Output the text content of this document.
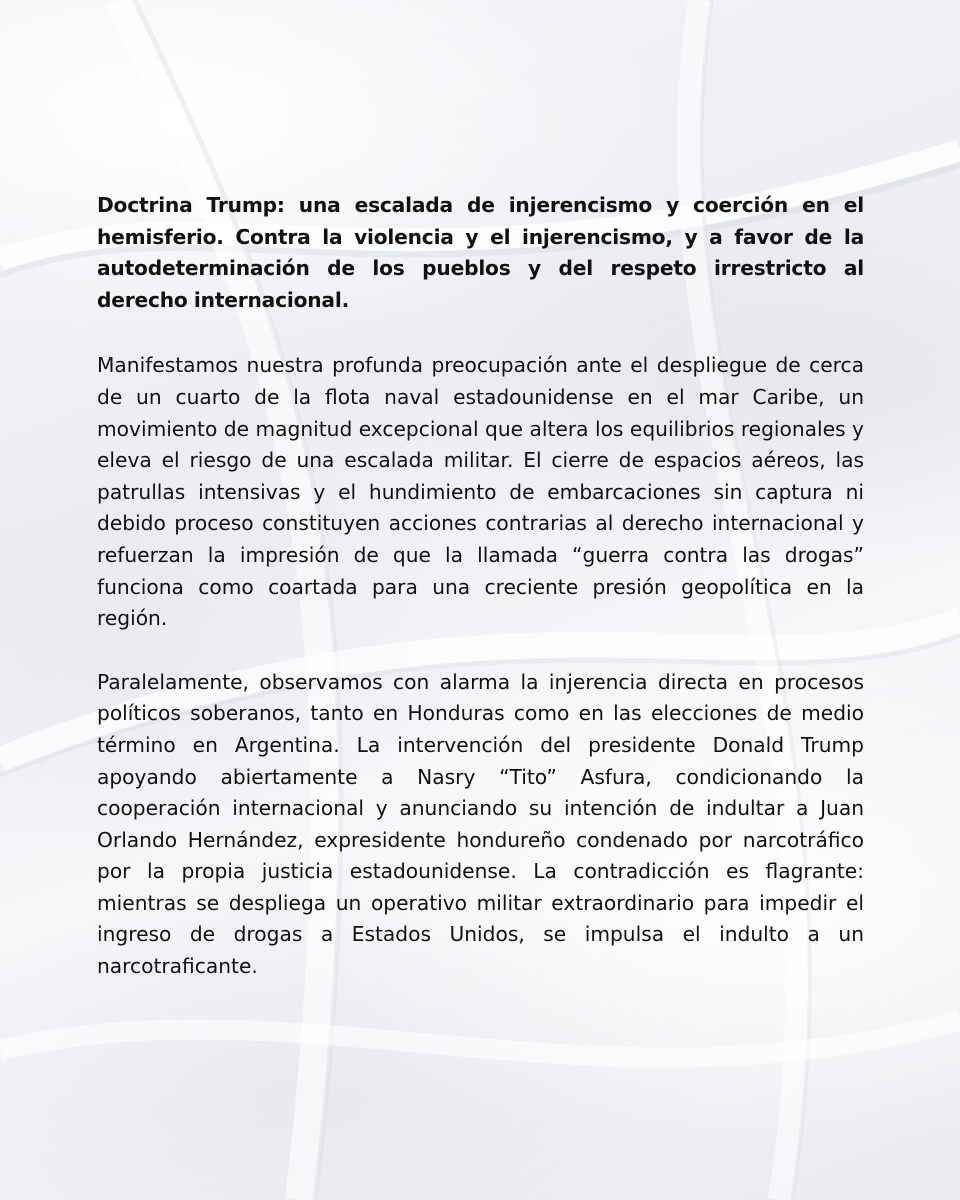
Doctrina Trump: una escalada de injerencismo y coerción en el hemisferio. Contra la violencia y el injerencismo, y a favor de la autodeterminación de los pueblos y del respeto irrestricto al derecho internacional.

Manifestamos nuestra profunda preocupación ante el despliegue de cerca de un cuarto de la flota naval estadounidense en el mar Caribe, un movimiento de magnitud excepcional que altera los equilibrios regionales y eleva el riesgo de una escalada militar. El cierre de espacios aéreos, las patrullas intensivas y el hundimiento de embarcaciones sin captura ni debido proceso constituyen acciones contrarias al derecho internacional y refuerzan la impresión de que la llamada “guerra contra las drogas” funciona como coartada para una creciente presión geopolítica en la región.

Paralelamente, observamos con alarma la injerencia directa en procesos políticos soberanos, tanto en Honduras como en las elecciones de medio término en Argentina. La intervención del presidente Donald Trump apoyando abiertamente a Nasry “Tito” Asfura, condicionando la cooperación internacional y anunciando su intención de indultar a Juan Orlando Hernández, expresidente hondureño condenado por narcotráfico por la propia justicia estadounidense. La contradicción es flagrante: mientras se despliega un operativo militar extraordinario para impedir el ingreso de drogas a Estados Unidos, se impulsa el indulto a un narcotraficante.
